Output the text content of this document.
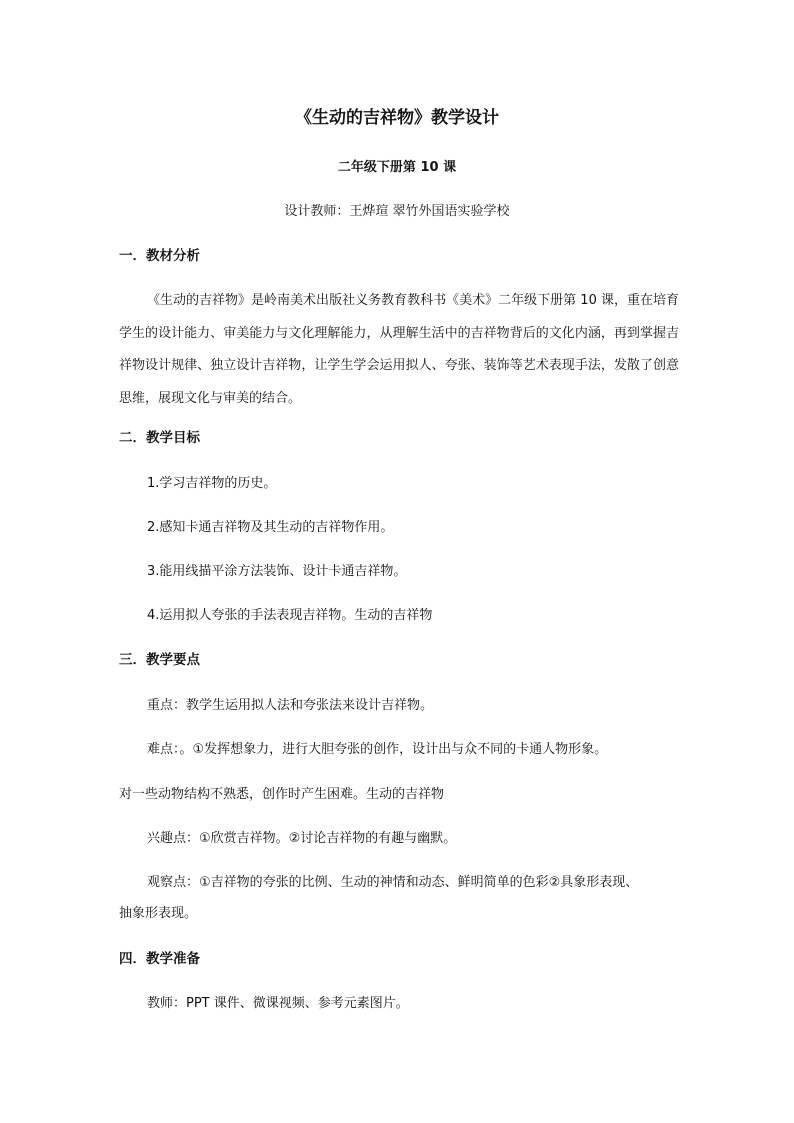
《生动的吉祥物》教学设计
二年级下册第 10 课
设计教师：王烨瑄 翠竹外国语实验学校
一．教材分析
《生动的吉祥物》是岭南美术出版社义务教育教科书《美术》二年级下册第 10 课，重在培育学生的设计能力、审美能力与文化理解能力，从理解生活中的吉祥物背后的文化内涵，再到掌握吉祥物设计规律、独立设计吉祥物，让学生学会运用拟人、夸张、装饰等艺术表现手法，发散了创意思维，展现文化与审美的结合。
二．教学目标
1.学习吉祥物的历史。
2.感知卡通吉祥物及其生动的吉祥物作用。
3.能用线描平涂方法装饰、设计卡通吉祥物。
4.运用拟人夸张的手法表现吉祥物。生动的吉祥物
三．教学要点
重点：教学生运用拟人法和夸张法来设计吉祥物。
难点：。①发挥想象力，进行大胆夸张的创作，设计出与众不同的卡通人物形象。
对一些动物结构不熟悉，创作时产生困难。生动的吉祥物
兴趣点：①欣赏吉祥物。②讨论吉祥物的有趣与幽默。
观察点：①吉祥物的夸张的比例、生动的神情和动态、鲜明简单的色彩②具象形表现、
抽象形表现。
四．教学准备
教师：PPT 课件、微课视频、参考元素图片。
